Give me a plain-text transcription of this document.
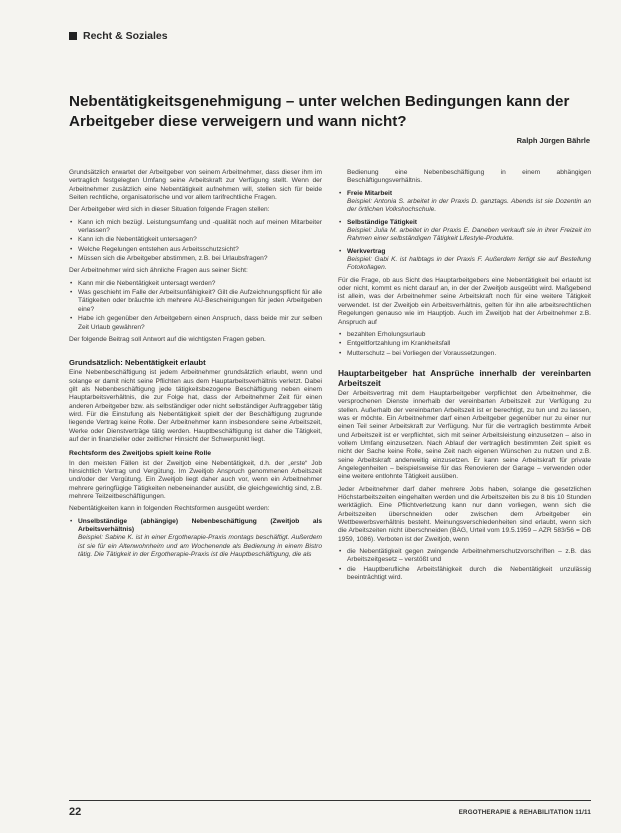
Recht & Soziales
Nebentätigkeitsgenehmigung – unter welchen Bedingungen kann der Arbeitgeber diese verweigern und wann nicht?
Ralph Jürgen Bährle

Grundsätzlich erwartet der Arbeitgeber von seinem Arbeitnehmer, dass dieser ihm im vertraglich festgelegten Umfang seine Arbeitskraft zur Verfügung stellt. Wenn der Arbeitnehmer zusätzlich eine Nebentätigkeit aufnehmen will, stellen sich für beide Seiten rechtliche, organisatorische und vor allem tarifrechtliche Fragen.

Der Arbeitgeber wird sich in dieser Situation folgende Fragen stellen:

• Kann ich mich bezügl. Leistungsumfang und -qualität noch auf meinen Mitarbeiter verlassen?
• Kann ich die Nebentätigkeit untersagen?
• Welche Regelungen entstehen aus Arbeitsschutzsicht?
• Müssen sich die Arbeitgeber abstimmen, z.B. bei Urlaubsfragen?

Der Arbeitnehmer wird sich ähnliche Fragen aus seiner Sicht:

• Kann mir die Nebentätigkeit untersagt werden?
• Was geschieht im Falle der Arbeitsunfähigkeit? Gilt die Aufzeichnungspflicht für alle Tätigkeiten oder bräuchte ich mehrere AU-Bescheinigungen für jeden Arbeitgeben eine?
• Habe ich gegenüber den Arbeitgebern einen Anspruch, dass beide mir zur selben Zeit Urlaub gewähren?

Der folgende Beitrag soll Antwort auf die wichtigsten Fragen geben.

Grundsätzlich: Nebentätigkeit erlaubt

Eine Nebenbeschäftigung ist jedem Arbeitnehmer grundsätzlich erlaubt, wenn und solange er damit nicht seine Pflichten aus dem Hauptarbeitsverhältnis verletzt. Dabei gilt als Nebenbeschäftigung jede tätigkeitsbezogene Beschäftigung neben einem Hauptarbeitsverhältnis, die zur Folge hat, dass der Arbeitnehmer Zeit für einen anderen Arbeitgeber bzw. als selbständiger oder nicht selbständiger Auftraggeber tätig wird. Für die Einstufung als Nebentätigkeit spielt der der Beschäftigung zugrunde liegende Vertrag keine Rolle. Der Arbeitnehmer kann insbesondere seine Arbeitszeit, Werke oder Dienstverträge tätig werden. Hauptbeschäftigung ist daher die Tätigkeit, auf der in finanzieller oder zeitlicher Hinsicht der Schwerpunkt liegt.

Rechtsform des Zweitjobs spielt keine Rolle

In den meisten Fällen ist der Zweitjob eine Nebentätigkeit, d.h. der „erste“ Job hinsichtlich Vertrag und Vergütung. Im Zweitjob Anspruch genommenen Arbeitszeit und/oder der Vergütung. Ein Zweitjob liegt daher auch vor, wenn ein Arbeitnehmer mehrere geringfügige Tätigkeiten nebeneinander ausübt, die gleichgewichtig sind, z.B. mehrere Teilzeitbeschäftigungen.

Nebentätigkeiten kann in folgenden Rechtsformen ausgeübt werden:

• Unselbständige (abhängige) Nebenbeschäftigung (Zweitjob als Arbeitsverhältnis)
Beispiel: Sabine K. ist in einer Ergotherapie-Praxis montags beschäftigt. Außerdem ist sie für ein Altenwohnheim und am Wochenende als Bedienung in einem Bistro tätig. Die Tätigkeit in der Ergotherapie-Praxis ist die Hauptbeschäftigung, die als

Bedienung eine Nebenbeschäftigung in einem abhängigen Beschäftigungsverhältnis.

• Freie Mitarbeit
Beispiel: Antonia S. arbeitet in der Praxis D. ganztags. Abends ist sie Dozentin an der örtlichen Volkshochschule.
• Selbständige Tätigkeit
Beispiel: Julia M. arbeitet in der Praxis E. Daneben verkauft sie in ihrer Freizeit im Rahmen einer selbständigen Tätigkeit Lifestyle-Produkte.
• Werkvertrag
Beispiel: Gabi K. ist halbtags in der Praxis F. Außerdem fertigt sie auf Bestellung Fotokollagen.

Für die Frage, ob aus Sicht des Hauptarbeitgebers eine Nebentätigkeit bei erlaubt ist oder nicht, kommt es nicht darauf an, in der der Zweitjob ausgeübt wird. Maßgebend ist allein, was der Arbeitnehmer seine Arbeitskraft noch für eine weitere Tätigkeit verwendet. Ist der Zweitjob ein Arbeitsverhältnis, gelten für ihn alle arbeitsrechtlichen Regelungen genauso wie im Hauptjob. Auch im Zweitjob hat der Arbeitnehmer z.B. Anspruch auf

• bezahlten Erholungsurlaub
• Entgeltfortzahlung im Krankheitsfall
• Mutterschutz – bei Vorliegen der Voraussetzungen.
Hauptarbeitgeber hat Ansprüche innerhalb der vereinbarten Arbeitszeit

Der Arbeitsvertrag mit dem Hauptarbeitgeber verpflichtet den Arbeitnehmer, die versprochenen Dienste innerhalb der vereinbarten Arbeitszeit zur Verfügung zu stellen. Außerhalb der vereinbarten Arbeitszeit ist er berechtigt, zu tun und zu lassen, was er möchte. Ein Arbeitnehmer darf einen Arbeitgeber gegenüber nur zu einer nur einen Teil seiner Arbeitskraft zur Verfügung. Nur für die vertraglich bestimmte Arbeit und Arbeitszeit ist er verpflichtet, sich mit seiner Arbeitsleistung einzusetzen – also in vollem Umfang einzusetzen. Nach Ablauf der vertraglich bestimmten Zeit spielt es nicht der Sache keine Rolle, seine Zeit nach eigenen Wünschen zu nutzen und z.B. seine Arbeitskraft anderweitig einzusetzen. Er kann seine Arbeitskraft für private Angelegenheiten – beispielsweise für das Renovieren der Garage – verwenden oder eine weitere entlohnte Tätigkeit ausüben.

Jeder Arbeitnehmer darf daher mehrere Jobs haben, solange die gesetzlichen Höchstarbeitszeiten eingehalten werden und die Arbeitszeiten bis zu 8 bis 10 Stunden werktäglich. Eine Pflichtverletzung kann nur dann vorliegen, wenn sich die Arbeitszeiten überschneiden oder zwischen dem Arbeitgeber ein Wettbewerbsverhältnis besteht. Meinungsverschiedenheiten sind erlaubt, wenn sich die Arbeitszeiten nicht überschneiden (BAG, Urteil vom 19.5.1959 – AZR 583/56 = DB 1959, 1086). Verboten ist der Zweitjob, wenn

• die Nebentätigkeit gegen zwingende Arbeitnehmerschutzvorschriften – z.B. das Arbeitszeitgesetz – verstößt und
• die Hauptberufliche Arbeitsfähigkeit durch die Nebentätigkeit unzulässig beeinträchtigt wird.
22	ERGOTHERAPIE & REHABILITATION 11/11
